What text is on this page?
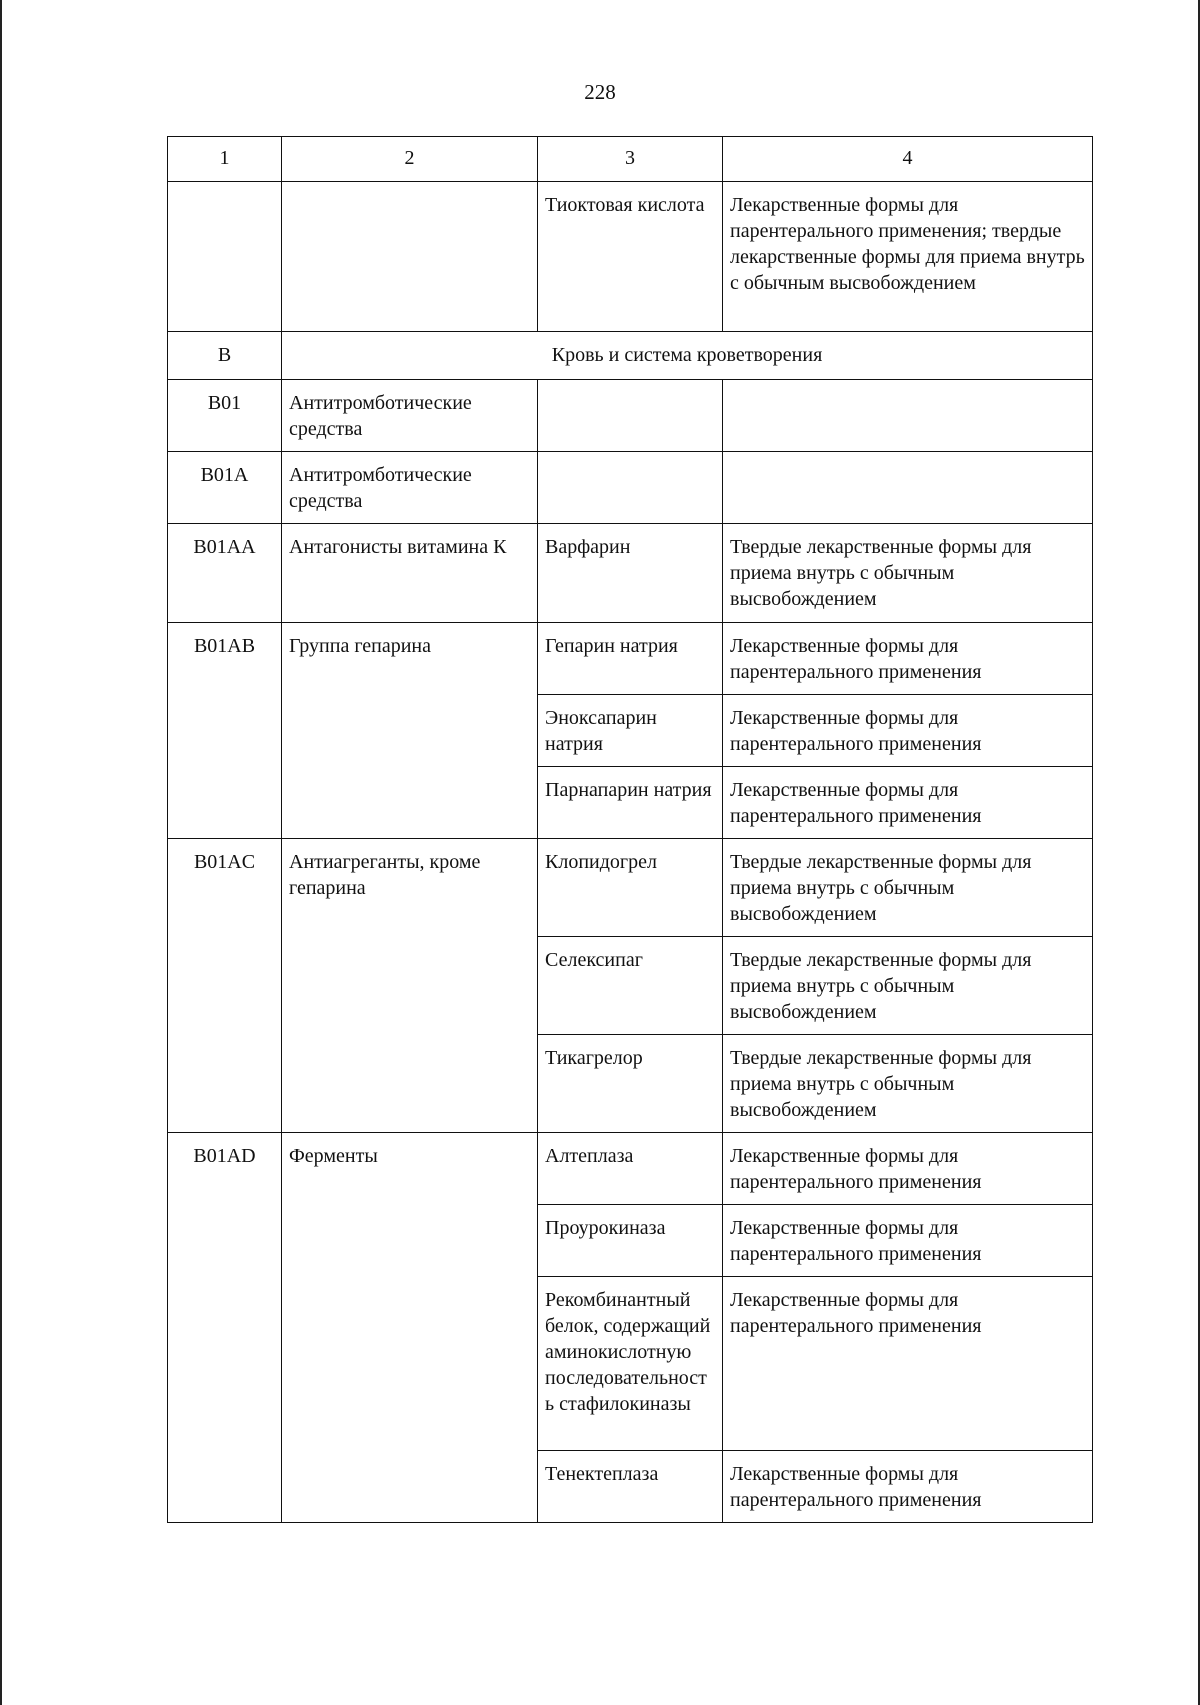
228
1	2	3	4
		Тиоктовая кислота	Лекарственные формы для парентерального применения; твердые лекарственные формы для приема внутрь с обычным высвобождением
B	Кровь и система кроветворения		
B01	Антитромботические средства		
B01A	Антитромботические средства		
B01AA	Антагонисты витамина К	Варфарин	Твердые лекарственные формы для приема внутрь с обычным высвобождением
B01AB	Группа гепарина	Гепарин натрия	Лекарственные формы для парентерального применения
		Эноксапарин натрия	Лекарственные формы для парентерального применения
		Парнапарин натрия	Лекарственные формы для парентерального применения
B01AC	Антиагреганты, кроме гепарина	Клопидогрел	Твердые лекарственные формы для приема внутрь с обычным высвобождением
		Селексипаг	Твердые лекарственные формы для приема внутрь с обычным высвобождением
		Тикагрелор	Твердые лекарственные формы для приема внутрь с обычным высвобождением
B01AD	Ферменты	Алтеплаза	Лекарственные формы для парентерального применения
		Проурокиназа	Лекарственные формы для парентерального применения
		Рекомбинантный белок, содержащий аминокислотную последовательность стафилокиназы	Лекарственные формы для парентерального применения
		Тенектеплаза	Лекарственные формы для парентерального применения
